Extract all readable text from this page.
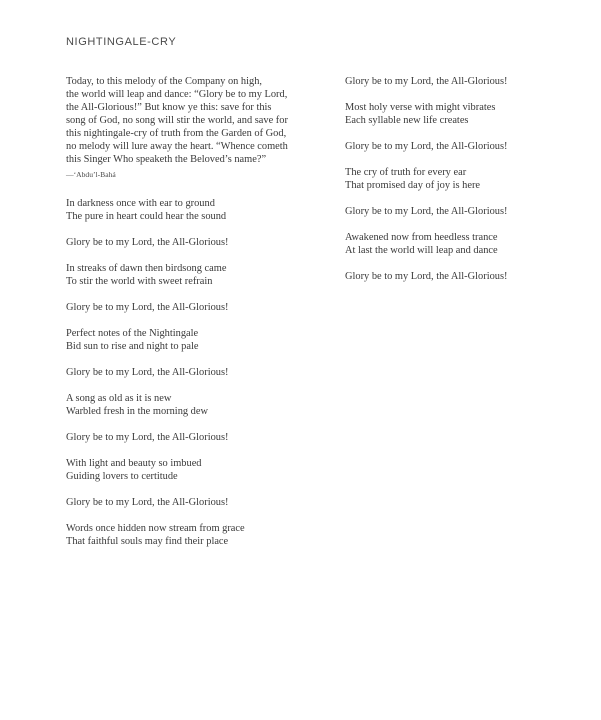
NIGHTINGALE-CRY
Today, to this melody of the Company on high,
the world will leap and dance: “Glory be to my Lord,
the All-Glorious!” But know ye this: save for this
song of God, no song will stir the world, and save for
this nightingale-cry of truth from the Garden of God,
no melody will lure away the heart. “Whence cometh
this Singer Who speaketh the Beloved’s name?”
—‘Abdu’l-Bahá
In darkness once with ear to ground
The pure in heart could hear the sound
Glory be to my Lord, the All-Glorious!
In streaks of dawn then birdsong came
To stir the world with sweet refrain
Glory be to my Lord, the All-Glorious!
Perfect notes of the Nightingale
Bid sun to rise and night to pale
Glory be to my Lord, the All-Glorious!
A song as old as it is new
Warbled fresh in the morning dew
Glory be to my Lord, the All-Glorious!
With light and beauty so imbued
Guiding lovers to certitude
Glory be to my Lord, the All-Glorious!
Words once hidden now stream from grace
That faithful souls may find their place
Glory be to my Lord, the All-Glorious!
Most holy verse with might vibrates
Each syllable new life creates
Glory be to my Lord, the All-Glorious!
The cry of truth for every ear
That promised day of joy is here
Glory be to my Lord, the All-Glorious!
Awakened now from heedless trance
At last the world will leap and dance
Glory be to my Lord, the All-Glorious!
